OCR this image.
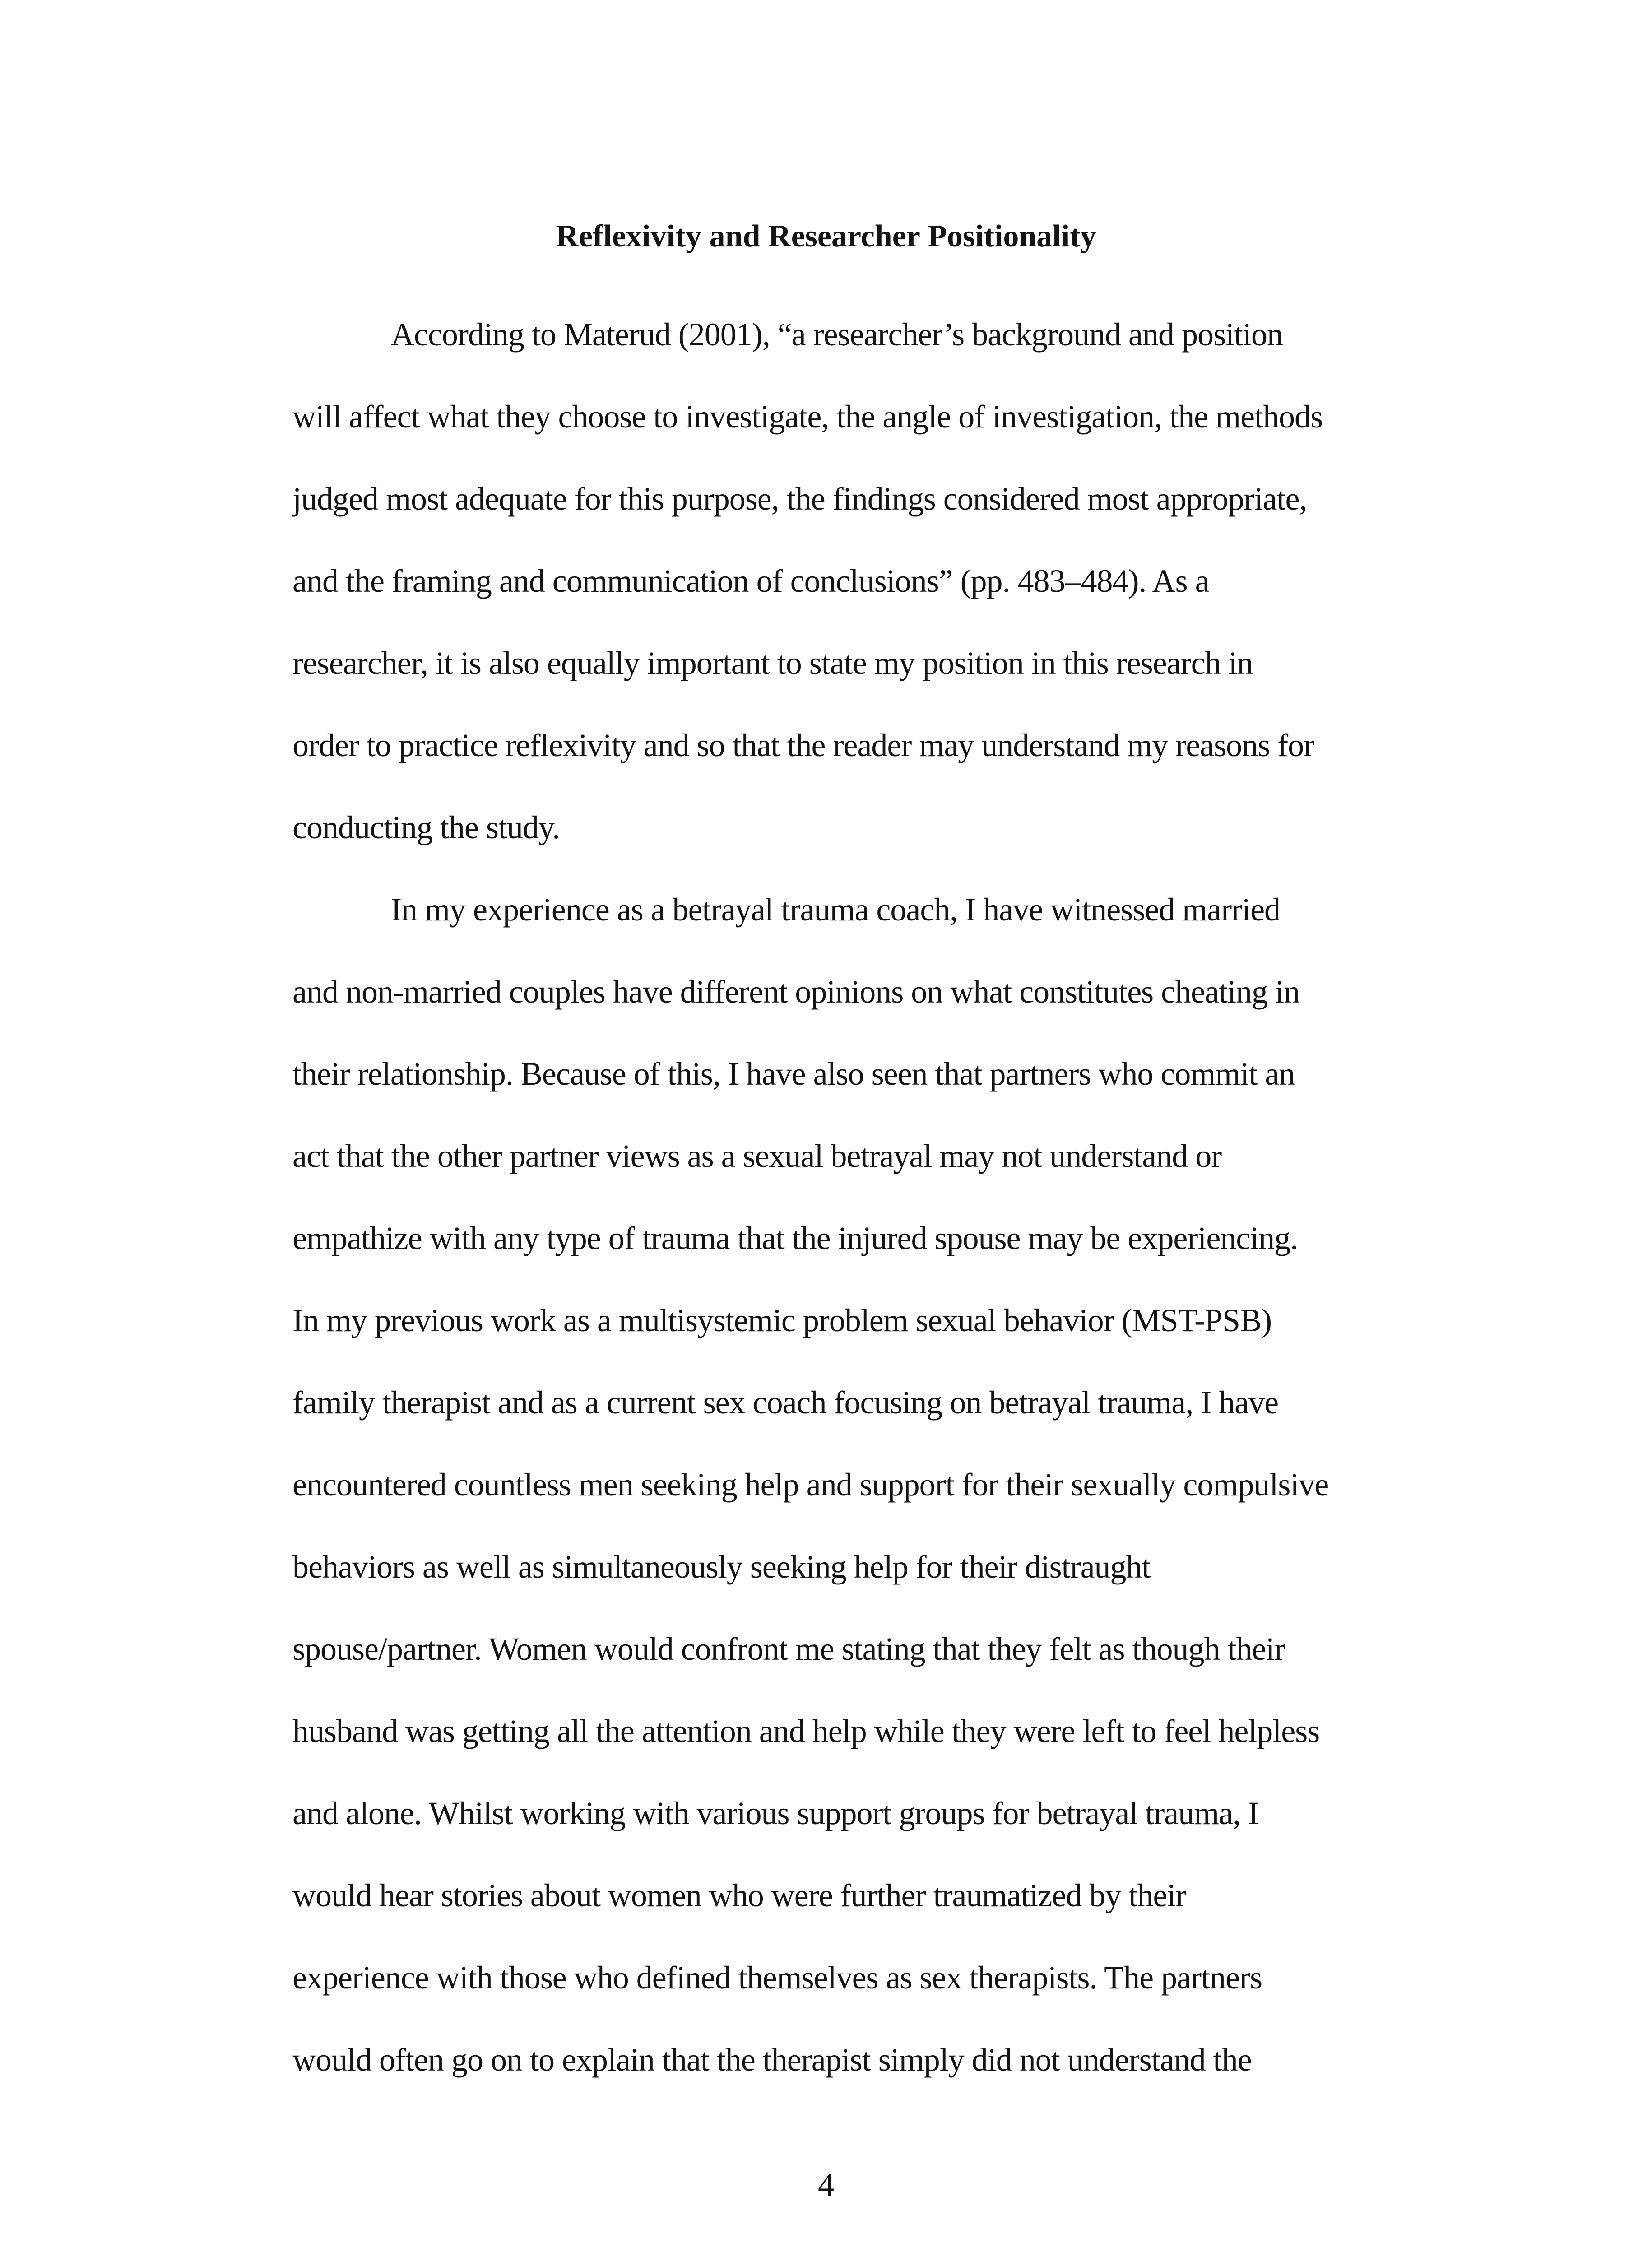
Reflexivity and Researcher Positionality
According to Materud (2001), “a researcher’s background and position
will affect what they choose to investigate, the angle of investigation, the methods
judged most adequate for this purpose, the findings considered most appropriate,
and the framing and communication of conclusions” (pp. 483–484). As a
researcher, it is also equally important to state my position in this research in
order to practice reflexivity and so that the reader may understand my reasons for
conducting the study.
In my experience as a betrayal trauma coach, I have witnessed married
and non-married couples have different opinions on what constitutes cheating in
their relationship. Because of this, I have also seen that partners who commit an
act that the other partner views as a sexual betrayal may not understand or
empathize with any type of trauma that the injured spouse may be experiencing.
In my previous work as a multisystemic problem sexual behavior (MST-PSB)
family therapist and as a current sex coach focusing on betrayal trauma, I have
encountered countless men seeking help and support for their sexually compulsive
behaviors as well as simultaneously seeking help for their distraught
spouse/partner. Women would confront me stating that they felt as though their
husband was getting all the attention and help while they were left to feel helpless
and alone. Whilst working with various support groups for betrayal trauma, I
would hear stories about women who were further traumatized by their
experience with those who defined themselves as sex therapists. The partners
would often go on to explain that the therapist simply did not understand the
4
